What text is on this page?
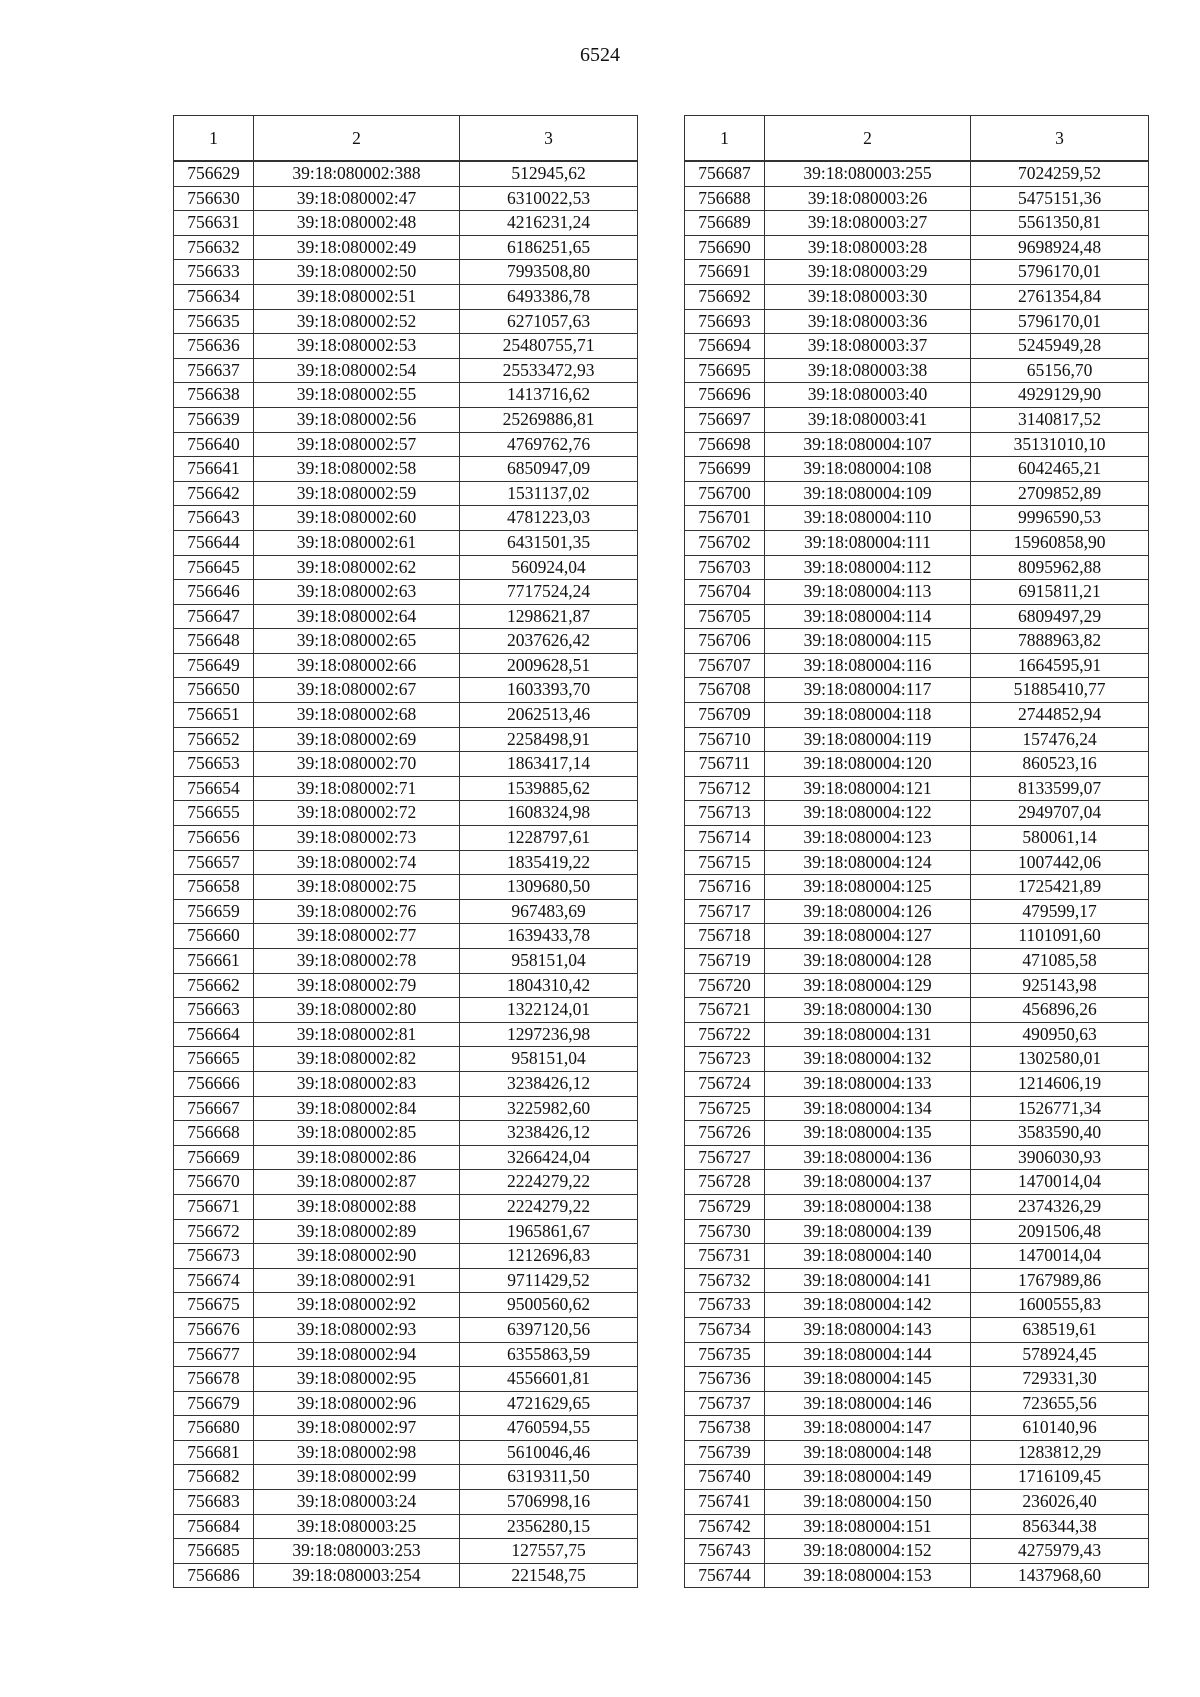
6524
1	2	3
756629	39:18:080002:388	512945,62
756630	39:18:080002:47	6310022,53
756631	39:18:080002:48	4216231,24
756632	39:18:080002:49	6186251,65
756633	39:18:080002:50	7993508,80
756634	39:18:080002:51	6493386,78
756635	39:18:080002:52	6271057,63
756636	39:18:080002:53	25480755,71
756637	39:18:080002:54	25533472,93
756638	39:18:080002:55	1413716,62
756639	39:18:080002:56	25269886,81
756640	39:18:080002:57	4769762,76
756641	39:18:080002:58	6850947,09
756642	39:18:080002:59	1531137,02
756643	39:18:080002:60	4781223,03
756644	39:18:080002:61	6431501,35
756645	39:18:080002:62	560924,04
756646	39:18:080002:63	7717524,24
756647	39:18:080002:64	1298621,87
756648	39:18:080002:65	2037626,42
756649	39:18:080002:66	2009628,51
756650	39:18:080002:67	1603393,70
756651	39:18:080002:68	2062513,46
756652	39:18:080002:69	2258498,91
756653	39:18:080002:70	1863417,14
756654	39:18:080002:71	1539885,62
756655	39:18:080002:72	1608324,98
756656	39:18:080002:73	1228797,61
756657	39:18:080002:74	1835419,22
756658	39:18:080002:75	1309680,50
756659	39:18:080002:76	967483,69
756660	39:18:080002:77	1639433,78
756661	39:18:080002:78	958151,04
756662	39:18:080002:79	1804310,42
756663	39:18:080002:80	1322124,01
756664	39:18:080002:81	1297236,98
756665	39:18:080002:82	958151,04
756666	39:18:080002:83	3238426,12
756667	39:18:080002:84	3225982,60
756668	39:18:080002:85	3238426,12
756669	39:18:080002:86	3266424,04
756670	39:18:080002:87	2224279,22
756671	39:18:080002:88	2224279,22
756672	39:18:080002:89	1965861,67
756673	39:18:080002:90	1212696,83
756674	39:18:080002:91	9711429,52
756675	39:18:080002:92	9500560,62
756676	39:18:080002:93	6397120,56
756677	39:18:080002:94	6355863,59
756678	39:18:080002:95	4556601,81
756679	39:18:080002:96	4721629,65
756680	39:18:080002:97	4760594,55
756681	39:18:080002:98	5610046,46
756682	39:18:080002:99	6319311,50
756683	39:18:080003:24	5706998,16
756684	39:18:080003:25	2356280,15
756685	39:18:080003:253	127557,75
756686	39:18:080003:254	221548,75
1	2	3
756687	39:18:080003:255	7024259,52
756688	39:18:080003:26	5475151,36
756689	39:18:080003:27	5561350,81
756690	39:18:080003:28	9698924,48
756691	39:18:080003:29	5796170,01
756692	39:18:080003:30	2761354,84
756693	39:18:080003:36	5796170,01
756694	39:18:080003:37	5245949,28
756695	39:18:080003:38	65156,70
756696	39:18:080003:40	4929129,90
756697	39:18:080003:41	3140817,52
756698	39:18:080004:107	35131010,10
756699	39:18:080004:108	6042465,21
756700	39:18:080004:109	2709852,89
756701	39:18:080004:110	9996590,53
756702	39:18:080004:111	15960858,90
756703	39:18:080004:112	8095962,88
756704	39:18:080004:113	6915811,21
756705	39:18:080004:114	6809497,29
756706	39:18:080004:115	7888963,82
756707	39:18:080004:116	1664595,91
756708	39:18:080004:117	51885410,77
756709	39:18:080004:118	2744852,94
756710	39:18:080004:119	157476,24
756711	39:18:080004:120	860523,16
756712	39:18:080004:121	8133599,07
756713	39:18:080004:122	2949707,04
756714	39:18:080004:123	580061,14
756715	39:18:080004:124	1007442,06
756716	39:18:080004:125	1725421,89
756717	39:18:080004:126	479599,17
756718	39:18:080004:127	1101091,60
756719	39:18:080004:128	471085,58
756720	39:18:080004:129	925143,98
756721	39:18:080004:130	456896,26
756722	39:18:080004:131	490950,63
756723	39:18:080004:132	1302580,01
756724	39:18:080004:133	1214606,19
756725	39:18:080004:134	1526771,34
756726	39:18:080004:135	3583590,40
756727	39:18:080004:136	3906030,93
756728	39:18:080004:137	1470014,04
756729	39:18:080004:138	2374326,29
756730	39:18:080004:139	2091506,48
756731	39:18:080004:140	1470014,04
756732	39:18:080004:141	1767989,86
756733	39:18:080004:142	1600555,83
756734	39:18:080004:143	638519,61
756735	39:18:080004:144	578924,45
756736	39:18:080004:145	729331,30
756737	39:18:080004:146	723655,56
756738	39:18:080004:147	610140,96
756739	39:18:080004:148	1283812,29
756740	39:18:080004:149	1716109,45
756741	39:18:080004:150	236026,40
756742	39:18:080004:151	856344,38
756743	39:18:080004:152	4275979,43
756744	39:18:080004:153	1437968,60
